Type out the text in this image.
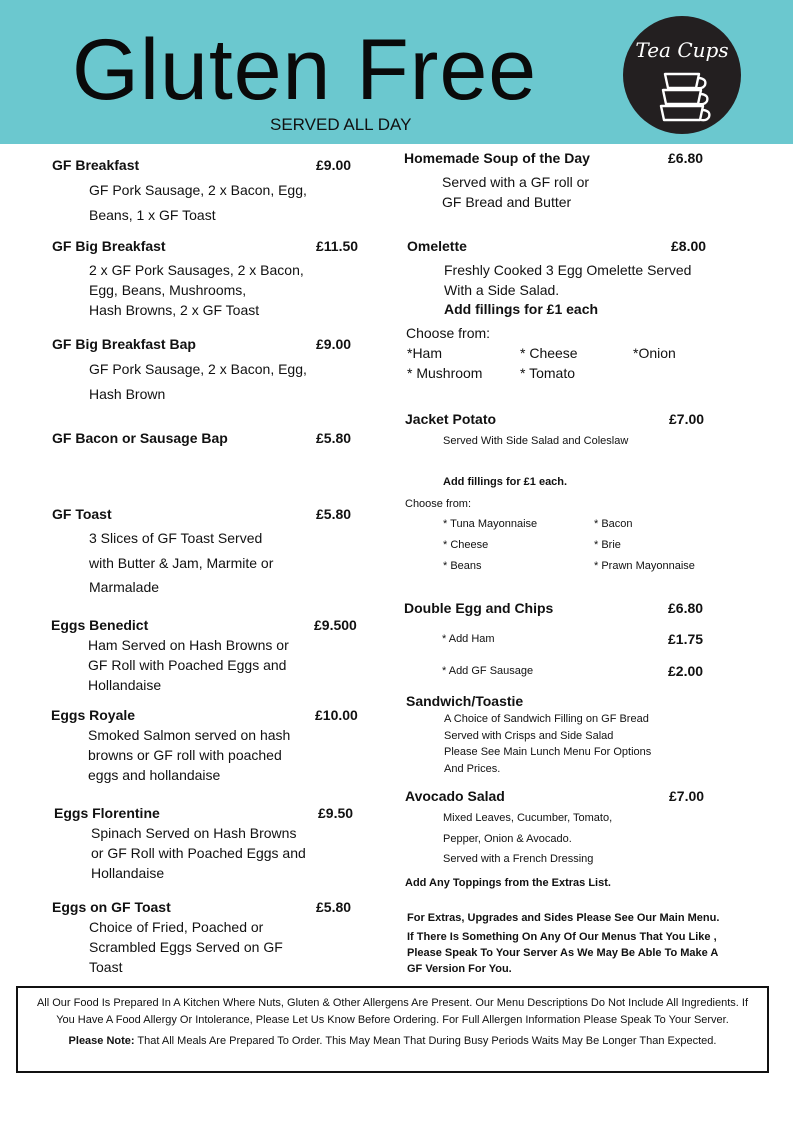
Gluten Free
SERVED ALL DAY
Tea Cups
GF Breakfast	£9.00
GF Pork Sausage, 2 x Bacon, Egg,
Beans, 1 x GF Toast
GF Big Breakfast	£11.50
2 x GF Pork Sausages, 2 x Bacon,
Egg, Beans, Mushrooms,
Hash Browns, 2 x GF Toast
GF Big Breakfast Bap	£9.00
GF Pork Sausage, 2 x Bacon, Egg,
Hash Brown
GF Bacon or Sausage Bap	£5.80
GF Toast	£5.80
3 Slices of GF Toast Served
with Butter & Jam, Marmite or
Marmalade
Eggs Benedict	£9.500
Ham Served on Hash Browns or
GF Roll with Poached Eggs and
Hollandaise
Eggs Royale	£10.00
Smoked Salmon served on hash
browns or GF roll with poached
eggs and hollandaise
Eggs Florentine	£9.50
Spinach Served on Hash Browns
or GF Roll with Poached Eggs and
Hollandaise
Eggs on GF Toast	£5.80
Choice of Fried, Poached or
Scrambled Eggs Served on GF
Toast
Homemade Soup of the Day	£6.80
Served with a GF roll or
GF Bread and Butter
Omelette	£8.00
Freshly Cooked 3 Egg Omelette Served
With a Side Salad.
Add fillings for £1 each
Choose from:
*Ham	* Cheese	*Onion
* Mushroom	* Tomato
Jacket Potato	£7.00
Served With Side Salad and Coleslaw
Add fillings for £1 each.
Choose from:
* Tuna Mayonnaise	* Bacon
* Cheese	* Brie
* Beans	* Prawn Mayonnaise
Double Egg and Chips	£6.80
* Add Ham	£1.75
* Add GF Sausage	£2.00
Sandwich/Toastie
A Choice of Sandwich Filling on GF Bread
Served with Crisps and Side Salad
Please See Main Lunch Menu For Options
And Prices.
Avocado Salad	£7.00
Mixed Leaves, Cucumber, Tomato,
Pepper, Onion & Avocado.
Served with a French Dressing
Add Any Toppings from the Extras List.
For Extras, Upgrades and Sides Please See Our Main Menu.
If There Is Something On Any Of Our Menus That You Like ,
Please Speak To Your Server As We May Be Able To Make A
GF Version For You.

All Our Food Is Prepared In A Kitchen Where Nuts, Gluten & Other Allergens Are Present. Our Menu Descriptions Do Not Include All Ingredients. If You Have A Food Allergy Or Intolerance, Please Let Us Know Before Ordering. For Full Allergen Information Please Speak To Your Server.

Please Note: That All Meals Are Prepared To Order. This May Mean That During Busy Periods Waits May Be Longer Than Expected.
